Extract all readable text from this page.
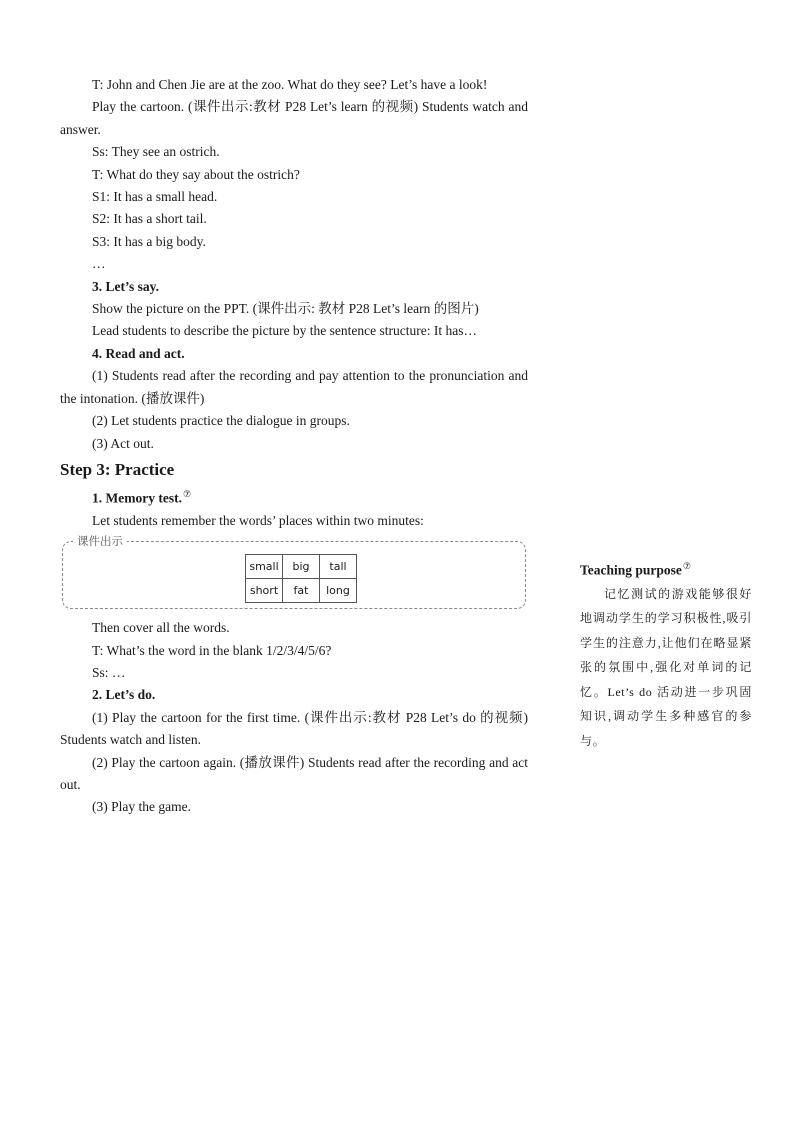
T: John and Chen Jie are at the zoo. What do they see? Let’s have a look!

Play the cartoon. (课件出示:教材 P28 Let’s learn 的视频) Students watch and answer.

Ss: They see an ostrich.

T: What do they say about the ostrich?

S1: It has a small head.

S2: It has a short tail.

S3: It has a big body.

…

3. Let’s say.

Show the picture on the PPT. (课件出示: 教材 P28 Let’s learn 的图片)

Lead students to describe the picture by the sentence structure: It has…

4. Read and act.

(1) Students read after the recording and pay attention to the pronunciation and the intonation. (播放课件)

(2) Let students practice the dialogue in groups.

(3) Act out.

Step 3: Practice

1. Memory test.⑦

Let students remember the words’ places within two minutes:

课件出示
small	big	tall
short	fat	long

Then cover all the words.

T: What’s the word in the blank 1/2/3/4/5/6?

Ss: …

2. Let’s do.

(1) Play the cartoon for the first time. (课件出示:教材 P28 Let’s do 的视频) Students watch and listen.

(2) Play the cartoon again. (播放课件) Students read after the recording and act out.

(3) Play the game.

Teaching purpose⑦

记忆测试的游戏能够很好地调动学生的学习积极性,吸引学生的注意力,让他们在略显紧张的氛围中,强化对单词的记忆。Let’s do 活动进一步巩固知识,调动学生多种感官的参与。
